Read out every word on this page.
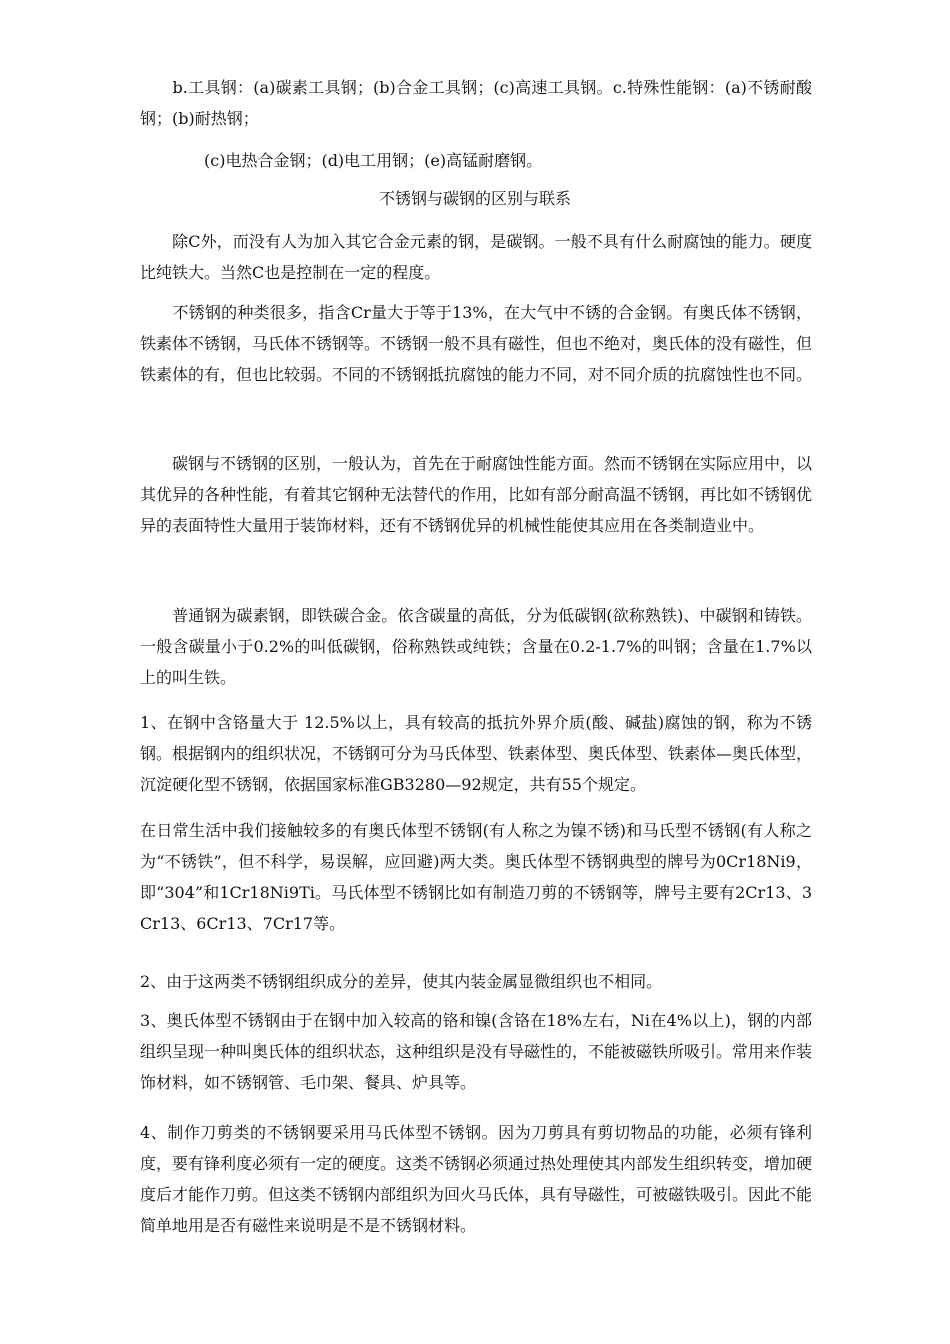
　　b.工具钢：(a)碳素工具钢；(b)合金工具钢；(c)高速工具钢。c.特殊性能钢：(a)不锈耐酸钢；(b)耐热钢；

　　　　(c)电热合金钢；(d)电工用钢；(e)高锰耐磨钢。

不锈钢与碳钢的区别与联系

　　除C外，而没有人为加入其它合金元素的钢，是碳钢。一般不具有什么耐腐蚀的能力。硬度比纯铁大。当然C也是控制在一定的程度。

　　不锈钢的种类很多，指含Cr量大于等于13%，在大气中不锈的合金钢。有奥氏体不锈钢，铁素体不锈钢，马氏体不锈钢等。不锈钢一般不具有磁性，但也不绝对，奥氏体的没有磁性，但铁素体的有，但也比较弱。不同的不锈钢抵抗腐蚀的能力不同，对不同介质的抗腐蚀性也不同。

　　碳钢与不锈钢的区别，一般认为，首先在于耐腐蚀性能方面。然而不锈钢在实际应用中，以其优异的各种性能，有着其它钢种无法替代的作用，比如有部分耐高温不锈钢，再比如不锈钢优异的表面特性大量用于装饰材料，还有不锈钢优异的机械性能使其应用在各类制造业中。

　　普通钢为碳素钢，即铁碳合金。依含碳量的高低，分为低碳钢(欲称熟铁)、中碳钢和铸铁。一般含碳量小于0.2%的叫低碳钢，俗称熟铁或纯铁；含量在0.2-1.7%的叫钢；含量在1.7%以上的叫生铁。

1、在钢中含铬量大于 12.5%以上，具有较高的抵抗外界介质(酸、碱盐)腐蚀的钢，称为不锈钢。根据钢内的组织状况，不锈钢可分为马氏体型、铁素体型、奥氏体型、铁素体—奥氏体型，沉淀硬化型不锈钢，依据国家标准GB3280—92规定，共有55个规定。

在日常生活中我们接触较多的有奥氏体型不锈钢(有人称之为镍不锈)和马氏型不锈钢(有人称之为“不锈铁”，但不科学，易误解，应回避)两大类。奥氏体型不锈钢典型的牌号为0Cr18Ni9，即“304”和1Cr18Ni9Ti。马氏体型不锈钢比如有制造刀剪的不锈钢等，牌号主要有2Cr13、3Cr13、6Cr13、7Cr17等。

2、由于这两类不锈钢组织成分的差异，使其内装金属显微组织也不相同。

3、奥氏体型不锈钢由于在钢中加入较高的铬和镍(含铬在18%左右，Ni在4%以上)，钢的内部组织呈现一种叫奥氏体的组织状态，这种组织是没有导磁性的，不能被磁铁所吸引。常用来作装饰材料，如不锈钢管、毛巾架、餐具、炉具等。

4、制作刀剪类的不锈钢要采用马氏体型不锈钢。因为刀剪具有剪切物品的功能，必须有锋利度，要有锋利度必须有一定的硬度。这类不锈钢必须通过热处理使其内部发生组织转变，增加硬度后才能作刀剪。但这类不锈钢内部组织为回火马氏体，具有导磁性，可被磁铁吸引。因此不能简单地用是否有磁性来说明是不是不锈钢材料。
